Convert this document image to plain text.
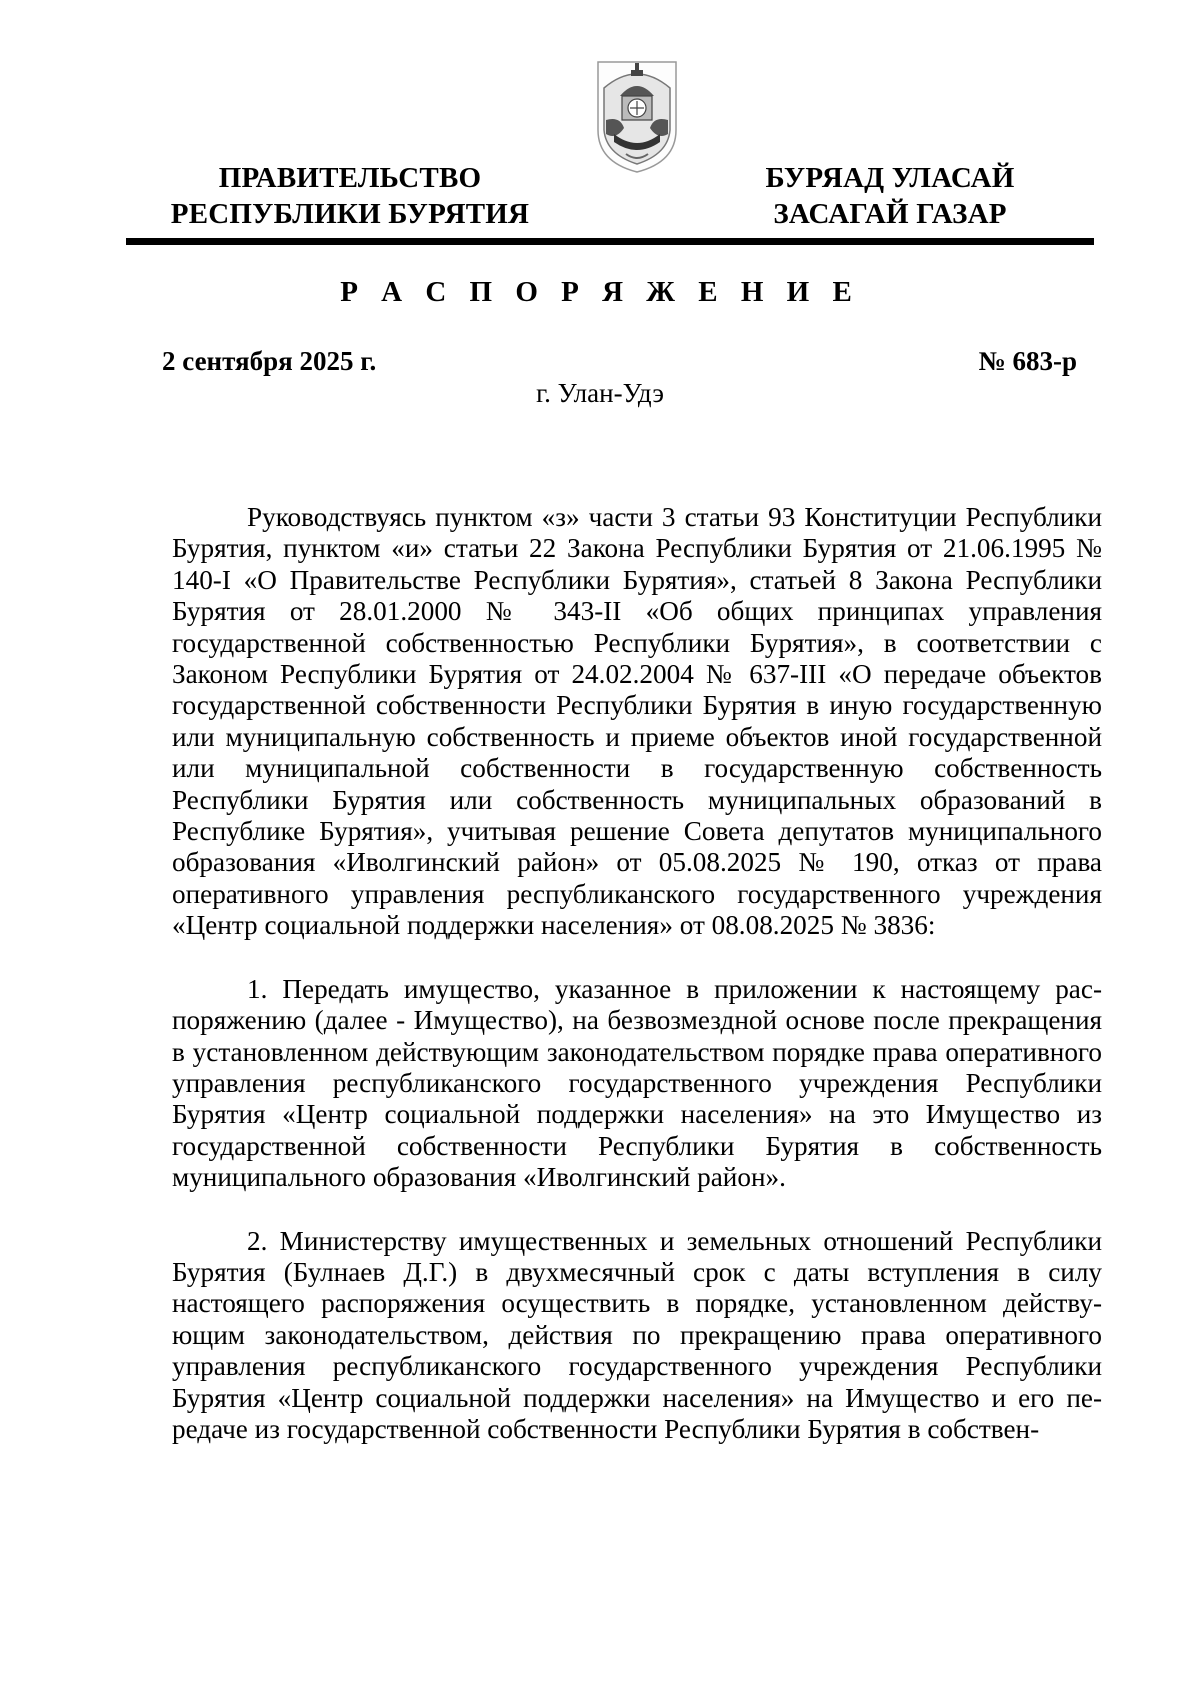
ПРАВИТЕЛЬСТВО
РЕСПУБЛИКИ БУРЯТИЯ
БУРЯАД УЛАСАЙ
ЗАСАГАЙ ГАЗАР
Р А С П О Р Я Ж Е Н И Е
2 сентября 2025 г.	№ 683-р
г. Улан-Удэ

Руководствуясь пунктом «з» части 3 статьи 93 Конституции Республики Бурятия, пунктом «и» статьи 22 Закона Республики Бурятия от 21.06.1995 № 140-I «О Правительстве Республики Бурятия», статьей 8 Закона Республики Бурятия от 28.01.2000 № 343-II «Об общих принципах управления государственной собственностью Республики Бурятия», в соответствии с Законом Республики Бурятия от 24.02.2004 № 637-III «О передаче объектов государственной собственности Республики Бурятия в иную государственную или муниципальную собственность и приеме объектов иной государственной или муниципальной собственности в государственную собственность Республики Бурятия или собственность муниципальных образований в Республике Бурятия», учитывая решение Совета депутатов муниципального образования «Иволгинский район» от 05.08.2025 № 190, отказ от права оперативного управления республиканского государственного учреждения «Центр социальной поддержки населения» от 08.08.2025 № 3836:

1. Передать имущество, указанное в приложении к настоящему распоряжению (далее - Имущество), на безвозмездной основе после прекращения в установленном действующим законодательством порядке права оперативного управления республиканского государственного учреждения Республики Бурятия «Центр социальной поддержки населения» на это Имущество из государственной собственности Республики Бурятия в собственность муниципального образования «Иволгинский район».

2. Министерству имущественных и земельных отношений Республики Бурятия (Булнаев Д.Г.) в двухмесячный срок с даты вступления в силу настоящего распоряжения осуществить в порядке, установленном действующим законодательством, действия по прекращению права оперативного управления республиканского государственного учреждения Республики Бурятия «Центр социальной поддержки населения» на Имущество и его передаче из государственной собственности Республики Бурятия в собствен-
